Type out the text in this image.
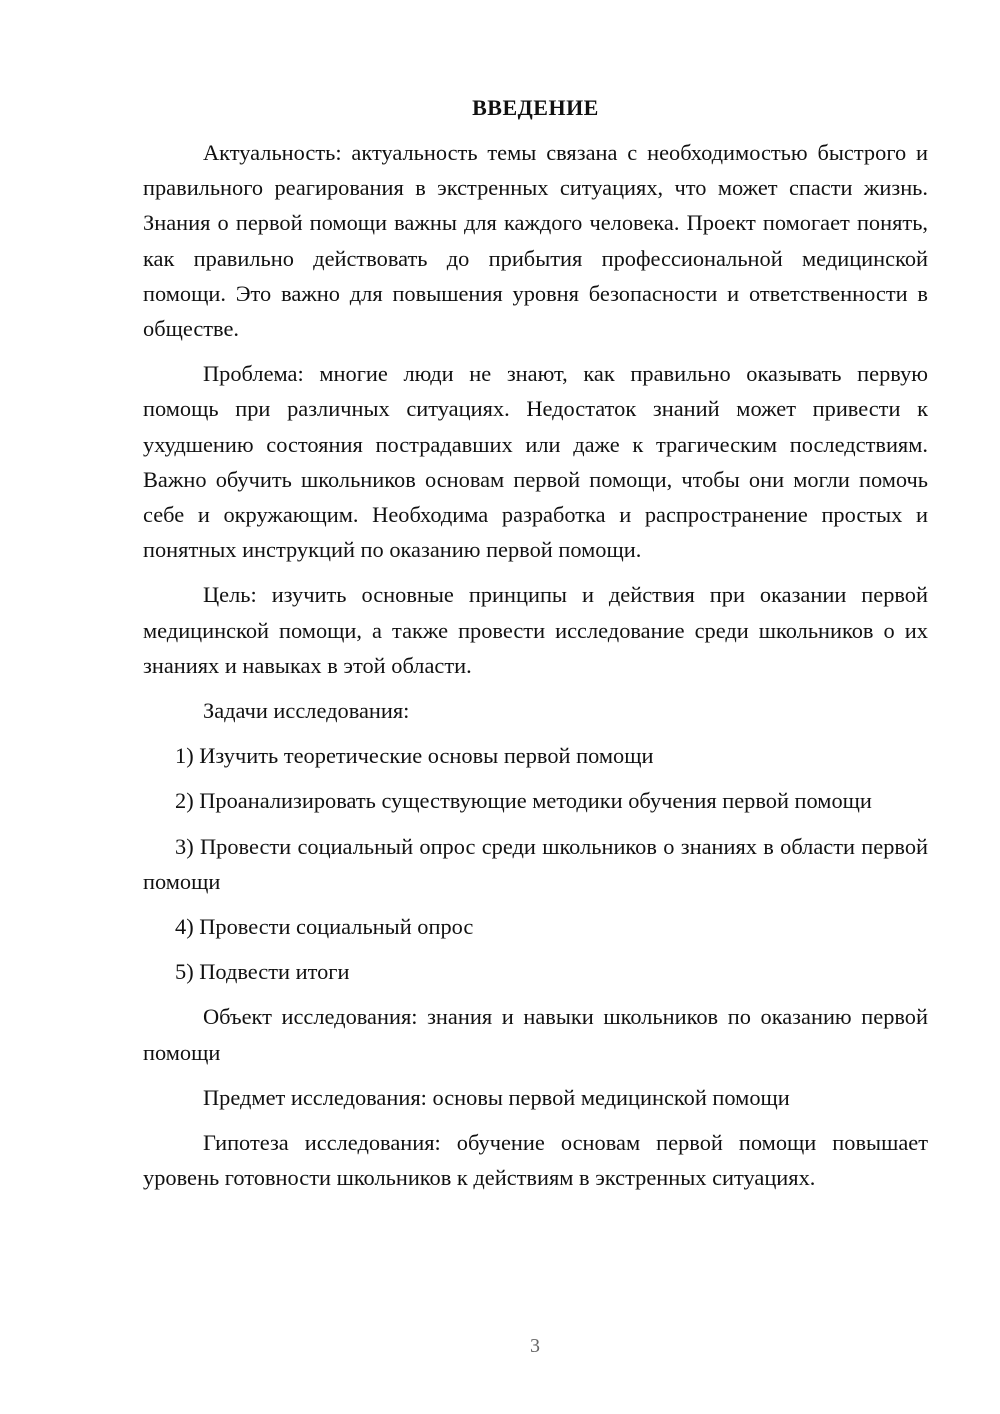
ВВЕДЕНИЕ

Актуальность: актуальность темы связана с необходимостью быстрого и правильного реагирования в экстренных ситуациях, что может спасти жизнь. Знания о первой помощи важны для каждого человека. Проект помогает понять, как правильно действовать до прибытия профессиональной медицинской помощи. Это важно для повышения уровня безопасности и ответственности в обществе.

Проблема: многие люди не знают, как правильно оказывать первую помощь при различных ситуациях. Недостаток знаний может привести к ухудшению состояния пострадавших или даже к трагическим последствиям. Важно обучить школьников основам первой помощи, чтобы они могли помочь себе и окружающим. Необходима разработка и распространение простых и понятных инструкций по оказанию первой помощи.

Цель: изучить основные принципы и действия при оказании первой медицинской помощи, а также провести исследование среди школьников о их знаниях и навыках в этой области.

Задачи исследования:

1) Изучить теоретические основы первой помощи

2) Проанализировать существующие методики обучения первой помощи

3) Провести социальный опрос среди школьников о знаниях в области первой помощи

4) Провести социальный опрос

5) Подвести итоги

Объект исследования: знания и навыки школьников по оказанию первой помощи

Предмет исследования: основы первой медицинской помощи

Гипотеза исследования: обучение основам первой помощи повышает уровень готовности школьников к действиям в экстренных ситуациях.

3
